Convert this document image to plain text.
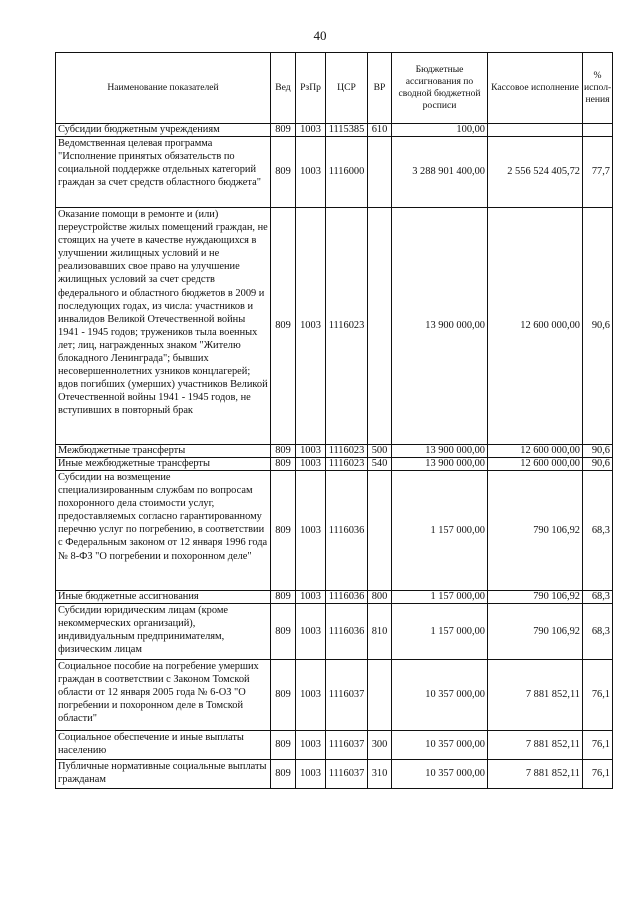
40
Наименование показателей	Вед	РзПр	ЦСР	ВР	Бюджетные ассигнования по сводной бюджетной росписи	Кассовое исполнение	% испол-нения
Субсидии бюджетным учреждениям	809	1003	1115385	610	100,00		
Ведомственная целевая программа "Исполнение принятых обязательств по социальной поддержке отдельных категорий граждан за счет средств областного бюджета"	809	1003	1116000		3 288 901 400,00	2 556 524 405,72	77,7
Оказание помощи в ремонте и (или) переустройстве жилых помещений граждан, не стоящих на учете в качестве нуждающихся в улучшении жилищных условий и не реализовавших свое право на улучшение жилищных условий за счет средств федерального и областного бюджетов в 2009 и последующих годах, из числа: участников и инвалидов Великой Отечественной войны 1941 - 1945 годов; тружеников тыла военных лет; лиц, награжденных знаком "Жителю блокадного Ленинграда"; бывших несовершеннолетних узников концлагерей; вдов погибших (умерших) участников Великой Отечественной войны 1941 - 1945 годов, не вступивших в повторный брак	809	1003	1116023		13 900 000,00	12 600 000,00	90,6
Межбюджетные трансферты	809	1003	1116023	500	13 900 000,00	12 600 000,00	90,6
Иные межбюджетные трансферты	809	1003	1116023	540	13 900 000,00	12 600 000,00	90,6
Субсидии на возмещение специализированным службам по вопросам похоронного дела стоимости услуг, предоставляемых согласно гарантированному перечню услуг по погребению, в соответствии с Федеральным законом от 12 января 1996 года № 8-ФЗ "О погребении и похоронном деле"	809	1003	1116036		1 157 000,00	790 106,92	68,3
Иные бюджетные ассигнования	809	1003	1116036	800	1 157 000,00	790 106,92	68,3
Субсидии юридическим лицам (кроме некоммерческих организаций), индивидуальным предпринимателям, физическим лицам	809	1003	1116036	810	1 157 000,00	790 106,92	68,3
Социальное пособие на погребение умерших граждан в соответствии с Законом Томской области от 12 января 2005 года № 6-ОЗ "О погребении и похоронном деле в Томской области"	809	1003	1116037		10 357 000,00	7 881 852,11	76,1
Социальное обеспечение и иные выплаты населению	809	1003	1116037	300	10 357 000,00	7 881 852,11	76,1
Публичные нормативные социальные выплаты гражданам	809	1003	1116037	310	10 357 000,00	7 881 852,11	76,1
